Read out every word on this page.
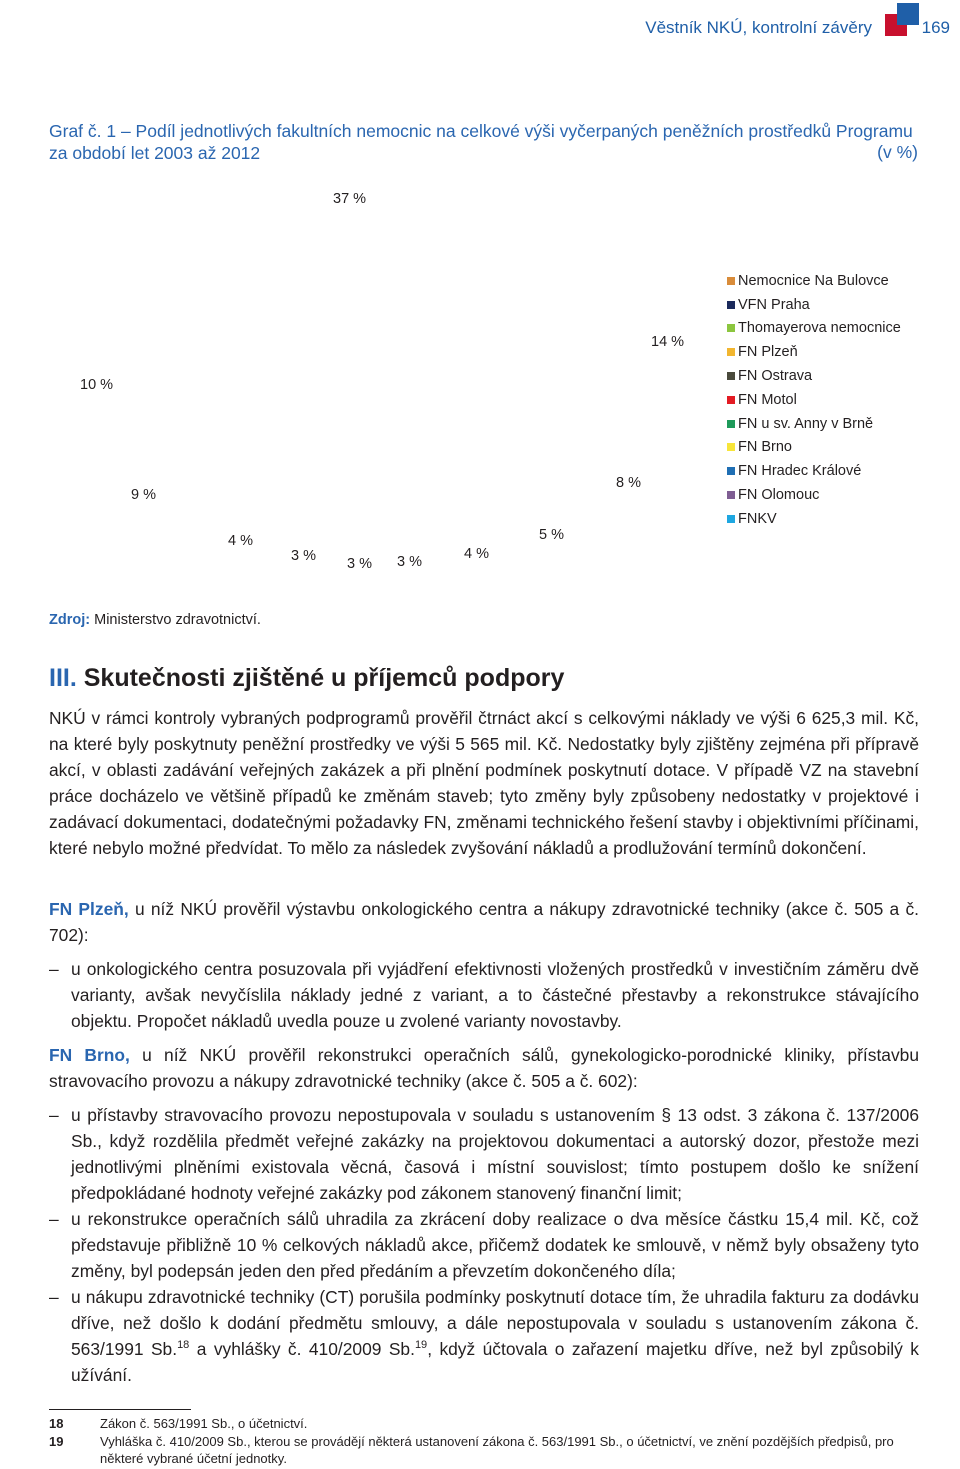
Věstník NKÚ, kontrolní závěry	169
Graf č. 1 – Podíl jednotlivých fakultních nemocnic na celkové výši vyčerpaných peněžních prostředků Programu za období let 2003 až 2012	(v %)
37 %
10 %
9 %
4 %
3 % 3 % 3 %	4 %
5 %
8 %
14 %
Nemocnice Na Bulovce
VFN Praha
Thomayerova nemocnice
FN Plzeň
FN Ostrava
FN Motol
FN u sv. Anny v Brně
FN Brno
FN Hradec Králové
FN Olomouc
FNKV
Zdroj: Ministerstvo zdravotnictví.
III. Skutečnosti zjištěné u příjemců podpory
NKÚ v rámci kontroly vybraných podprogramů prověřil čtrnáct akcí s celkovými náklady ve výši 6 625,3 mil. Kč, na které byly poskytnuty peněžní prostředky ve výši 5 565 mil. Kč. Nedostatky byly zjištěny zejména při přípravě akcí, v oblasti zadávání veřejných zakázek a při plnění podmínek poskytnutí dotace. V případě VZ na stavební práce docházelo ve většině případů ke změnám staveb; tyto změny byly způsobeny nedostatky v projektové i zadávací dokumentaci, dodatečnými požadavky FN, změnami technického řešení stavby i objektivními příčinami, které nebylo možné předvídat. To mělo za následek zvyšování nákladů a prodlužování termínů dokončení.
FN Plzeň, u níž NKÚ prověřil výstavbu onkologického centra a nákupy zdravotnické techniky (akce č. 505 a č. 702):
– u onkologického centra posuzovala při vyjádření efektivnosti vložených prostředků v investičním záměru dvě varianty, avšak nevyčíslila náklady jedné z variant, a to částečné přestavby a rekonstrukce stávajícího objektu. Propočet nákladů uvedla pouze u zvolené varianty novostavby.
FN Brno, u níž NKÚ prověřil rekonstrukci operačních sálů, gynekologicko-porodnické kliniky, přístavbu stravovacího provozu a nákupy zdravotnické techniky (akce č. 505 a č. 602):
– u přístavby stravovacího provozu nepostupovala v souladu s ustanovením § 13 odst. 3 zákona č. 137/2006 Sb., když rozdělila předmět veřejné zakázky na projektovou dokumentaci a autorský dozor, přestože mezi jednotlivými plněními existovala věcná, časová i místní souvislost; tímto postupem došlo ke snížení předpokládané hodnoty veřejné zakázky pod zákonem stanovený finanční limit;
– u rekonstrukce operačních sálů uhradila za zkrácení doby realizace o dva měsíce částku 15,4 mil. Kč, což představuje přibližně 10 % celkových nákladů akce, přičemž dodatek ke smlouvě, v němž byly obsaženy tyto změny, byl podepsán jeden den před předáním a převzetím dokončeného díla;
– u nákupu zdravotnické techniky (CT) porušila podmínky poskytnutí dotace tím, že uhradila fakturu za dodávku dříve, než došlo k dodání předmětu smlouvy, a dále nepostupovala v souladu s ustanovením zákona č. 563/1991 Sb.$^{18}$ a vyhlášky č. 410/2009 Sb.$^{19}$, když účtovala o zařazení majetku dříve, než byl způsobilý k užívání.
18	Zákon č. 563/1991 Sb., o účetnictví.
19	Vyhláška č. 410/2009 Sb., kterou se provádějí některá ustanovení zákona č. 563/1991 Sb., o účetnictví, ve znění pozdějších předpisů, pro některé vybrané účetní jednotky.
